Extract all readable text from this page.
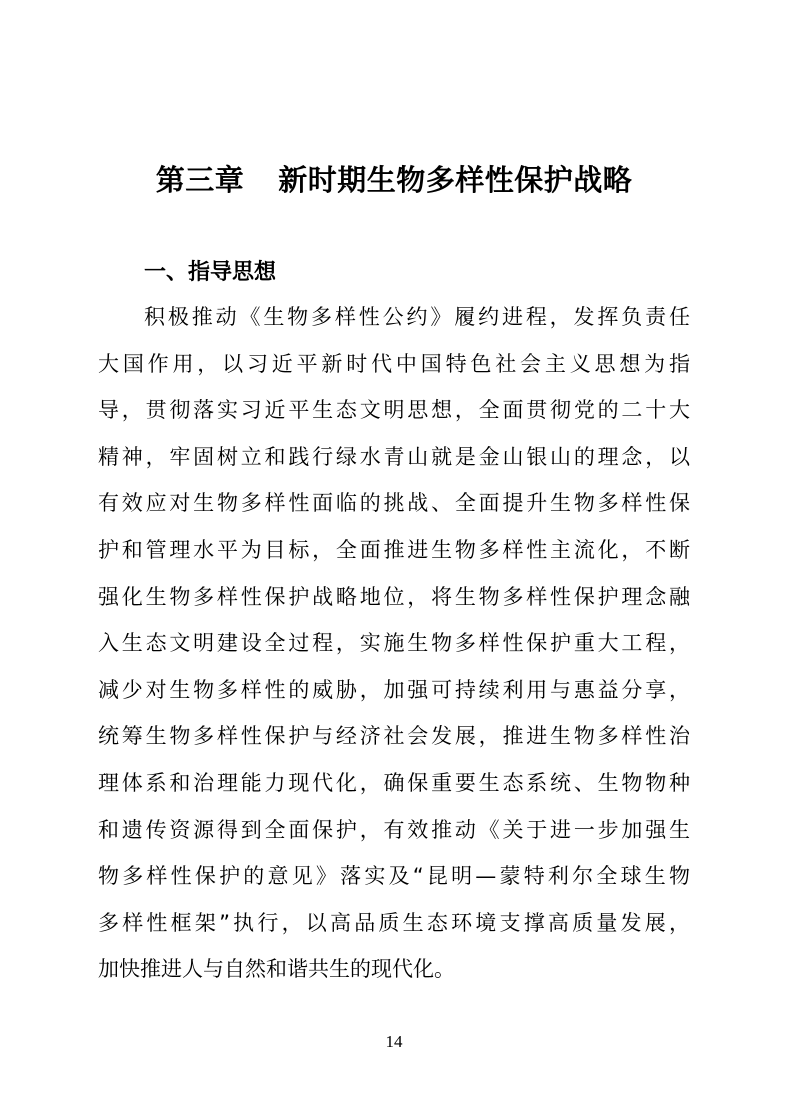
第三章 新时期生物多样性保护战略
一、指导思想
积极推动《生物多样性公约》履约进程，发挥负责任
大国作用，以习近平新时代中国特色社会主义思想为指
导，贯彻落实习近平生态文明思想，全面贯彻党的二十大
精神，牢固树立和践行绿水青山就是金山银山的理念，以
有效应对生物多样性面临的挑战、全面提升生物多样性保
护和管理水平为目标，全面推进生物多样性主流化，不断
强化生物多样性保护战略地位，将生物多样性保护理念融
入生态文明建设全过程，实施生物多样性保护重大工程，
减少对生物多样性的威胁，加强可持续利用与惠益分享，
统筹生物多样性保护与经济社会发展，推进生物多样性治
理体系和治理能力现代化，确保重要生态系统、生物物种
和遗传资源得到全面保护，有效推动《关于进一步加强生
物多样性保护的意见》落实及“昆明—蒙特利尔全球生物
多样性框架”执行，以高品质生态环境支撑高质量发展，
加快推进人与自然和谐共生的现代化。
14
